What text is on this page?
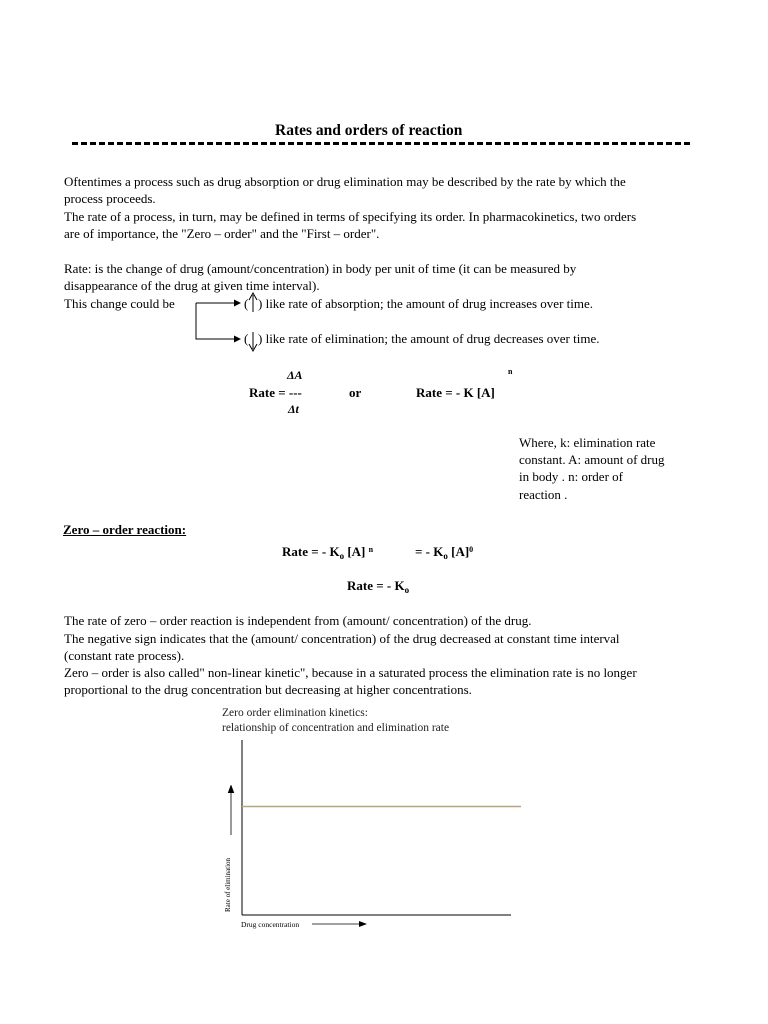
Rates and orders of reaction
Oftentimes a process such as drug absorption or drug elimination may be described by the rate by which the
process proceeds.
The rate of a process, in turn, may be defined in terms of specifying its order. In pharmacokinetics, two orders
are of importance, the "Zero – order" and the "First – order".
Rate: is the change of drug (amount/concentration) in body per unit of time (it can be measured by
disappearance of the drug at given time interval).
This change could be	( ) like rate of absorption; the amount of drug increases over time.
( ) like rate of elimination; the amount of drug decreases over time.
ΔA
Rate = ---
Δt
or	Rate = - K [A]
n
Where, k: elimination rate
constant. A: amount of drug
in body . n: order of
reaction .
Zero – order reaction:
Rate = - $K_o$ [A] $^n$	= - $K_o$ $[A]^0$
Rate = - $K_o$
The rate of zero – order reaction is independent from (amount/ concentration) of the drug.
The negative sign indicates that the (amount/ concentration) of the drug decreased at constant time interval
(constant rate process).
Zero – order is also called" non-linear kinetic", because in a saturated process the elimination rate is no longer
proportional to the drug concentration but decreasing at higher concentrations.
Zero order elimination kinetics:
relationship of concentration and elimination rate
Drug concentration
Rate of elimination
